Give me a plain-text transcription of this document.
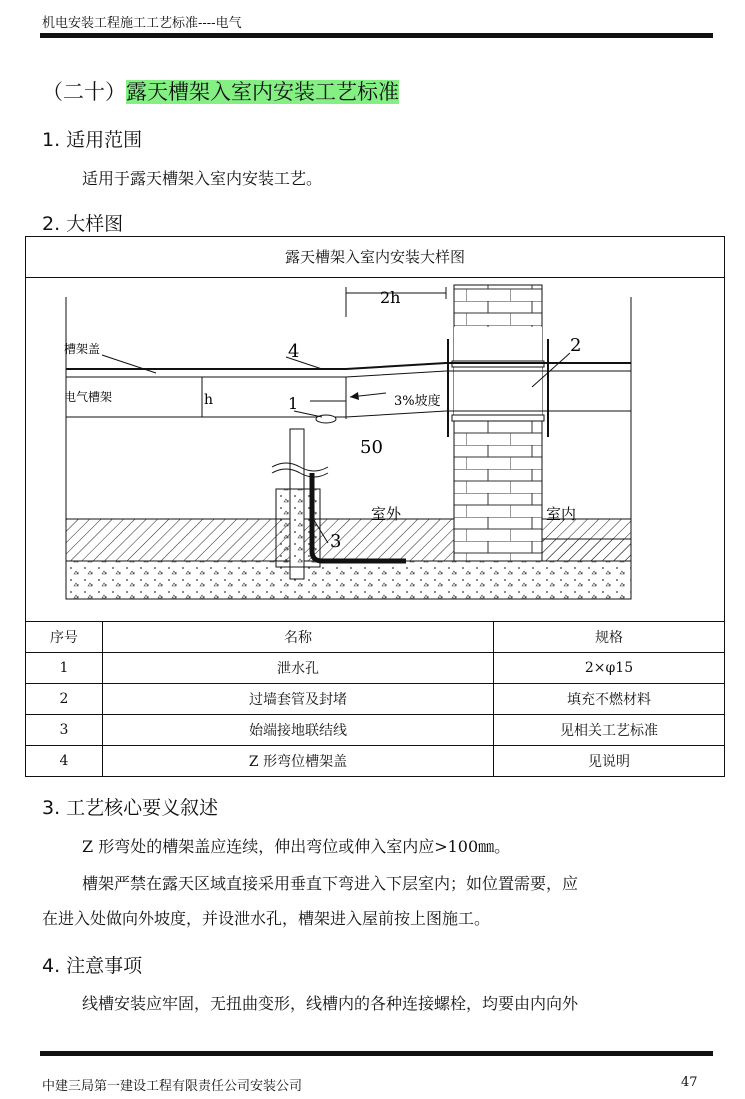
机电安装工程施工工艺标准----电气
（二十）露天槽架入室内安装工艺标准
1. 适用范围
适用于露天槽架入室内安装工艺。
2. 大样图
露天槽架入室内安装大样图
槽架盖
电气槽架	3%坡度
室外	室内
2h
h
50
1
2
3
4
序号	名称	规格
1	泄水孔	2×φ15
2	过墙套管及封堵	填充不燃材料
3	始端接地联结线	见相关工艺标准
4	Z 形弯位槽架盖	见说明
3. 工艺核心要义叙述
Z 形弯处的槽架盖应连续，伸出弯位或伸入室内应>100㎜。
槽架严禁在露天区域直接采用垂直下弯进入下层室内；如位置需要，应
在进入处做向外坡度，并设泄水孔，槽架进入屋前按上图施工。
4. 注意事项
线槽安装应牢固，无扭曲变形，线槽内的各种连接螺栓，均要由内向外
中建三局第一建设工程有限责任公司安装公司	47
